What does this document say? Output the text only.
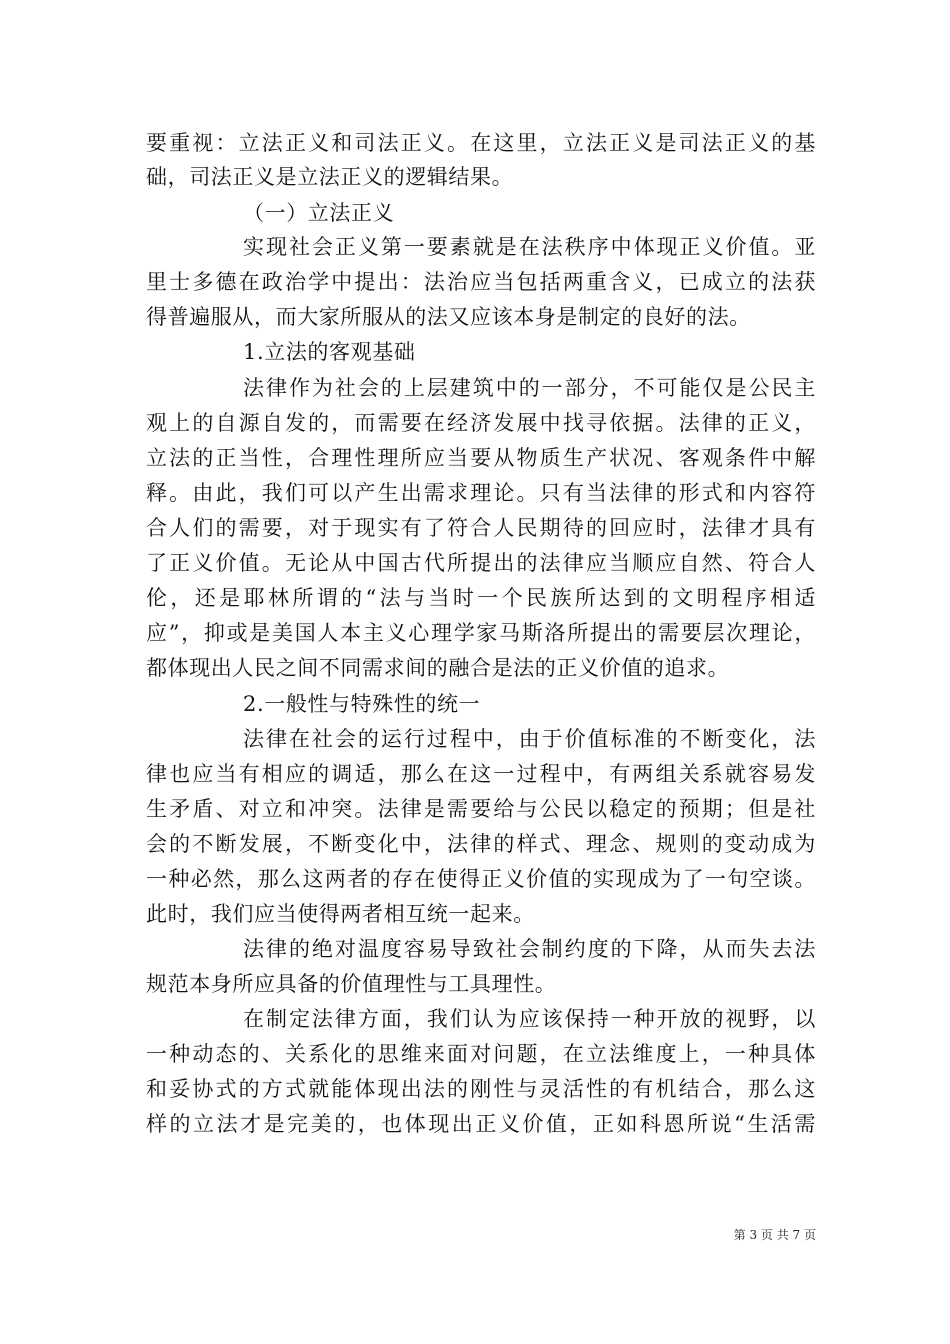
要重视：立法正义和司法正义。在这里，立法正义是司法正义的基
础，司法正义是立法正义的逻辑结果。
（一）立法正义
实现社会正义第一要素就是在法秩序中体现正义价值。亚
里士多德在政治学中提出：法治应当包括两重含义，已成立的法获
得普遍服从，而大家所服从的法又应该本身是制定的良好的法。
1.立法的客观基础
法律作为社会的上层建筑中的一部分，不可能仅是公民主
观上的自源自发的，而需要在经济发展中找寻依据。法律的正义，
立法的正当性，合理性理所应当要从物质生产状况、客观条件中解
释。由此，我们可以产生出需求理论。只有当法律的形式和内容符
合人们的需要，对于现实有了符合人民期待的回应时，法律才具有
了正义价值。无论从中国古代所提出的法律应当顺应自然、符合人
伦，还是耶林所谓的“法与当时一个民族所达到的文明程序相适
应”，抑或是美国人本主义心理学家马斯洛所提出的需要层次理论，
都体现出人民之间不同需求间的融合是法的正义价值的追求。
2.一般性与特殊性的统一
法律在社会的运行过程中，由于价值标准的不断变化，法
律也应当有相应的调适，那么在这一过程中，有两组关系就容易发
生矛盾、对立和冲突。法律是需要给与公民以稳定的预期；但是社
会的不断发展，不断变化中，法律的样式、理念、规则的变动成为
一种必然，那么这两者的存在使得正义价值的实现成为了一句空谈。
此时，我们应当使得两者相互统一起来。
法律的绝对温度容易导致社会制约度的下降，从而失去法
规范本身所应具备的价值理性与工具理性。
在制定法律方面，我们认为应该保持一种开放的视野，以
一种动态的、关系化的思维来面对问题，在立法维度上，一种具体
和妥协式的方式就能体现出法的刚性与灵活性的有机结合，那么这
样的立法才是完美的，也体现出正义价值，正如科恩所说“生活需
第 3 页 共 7 页
